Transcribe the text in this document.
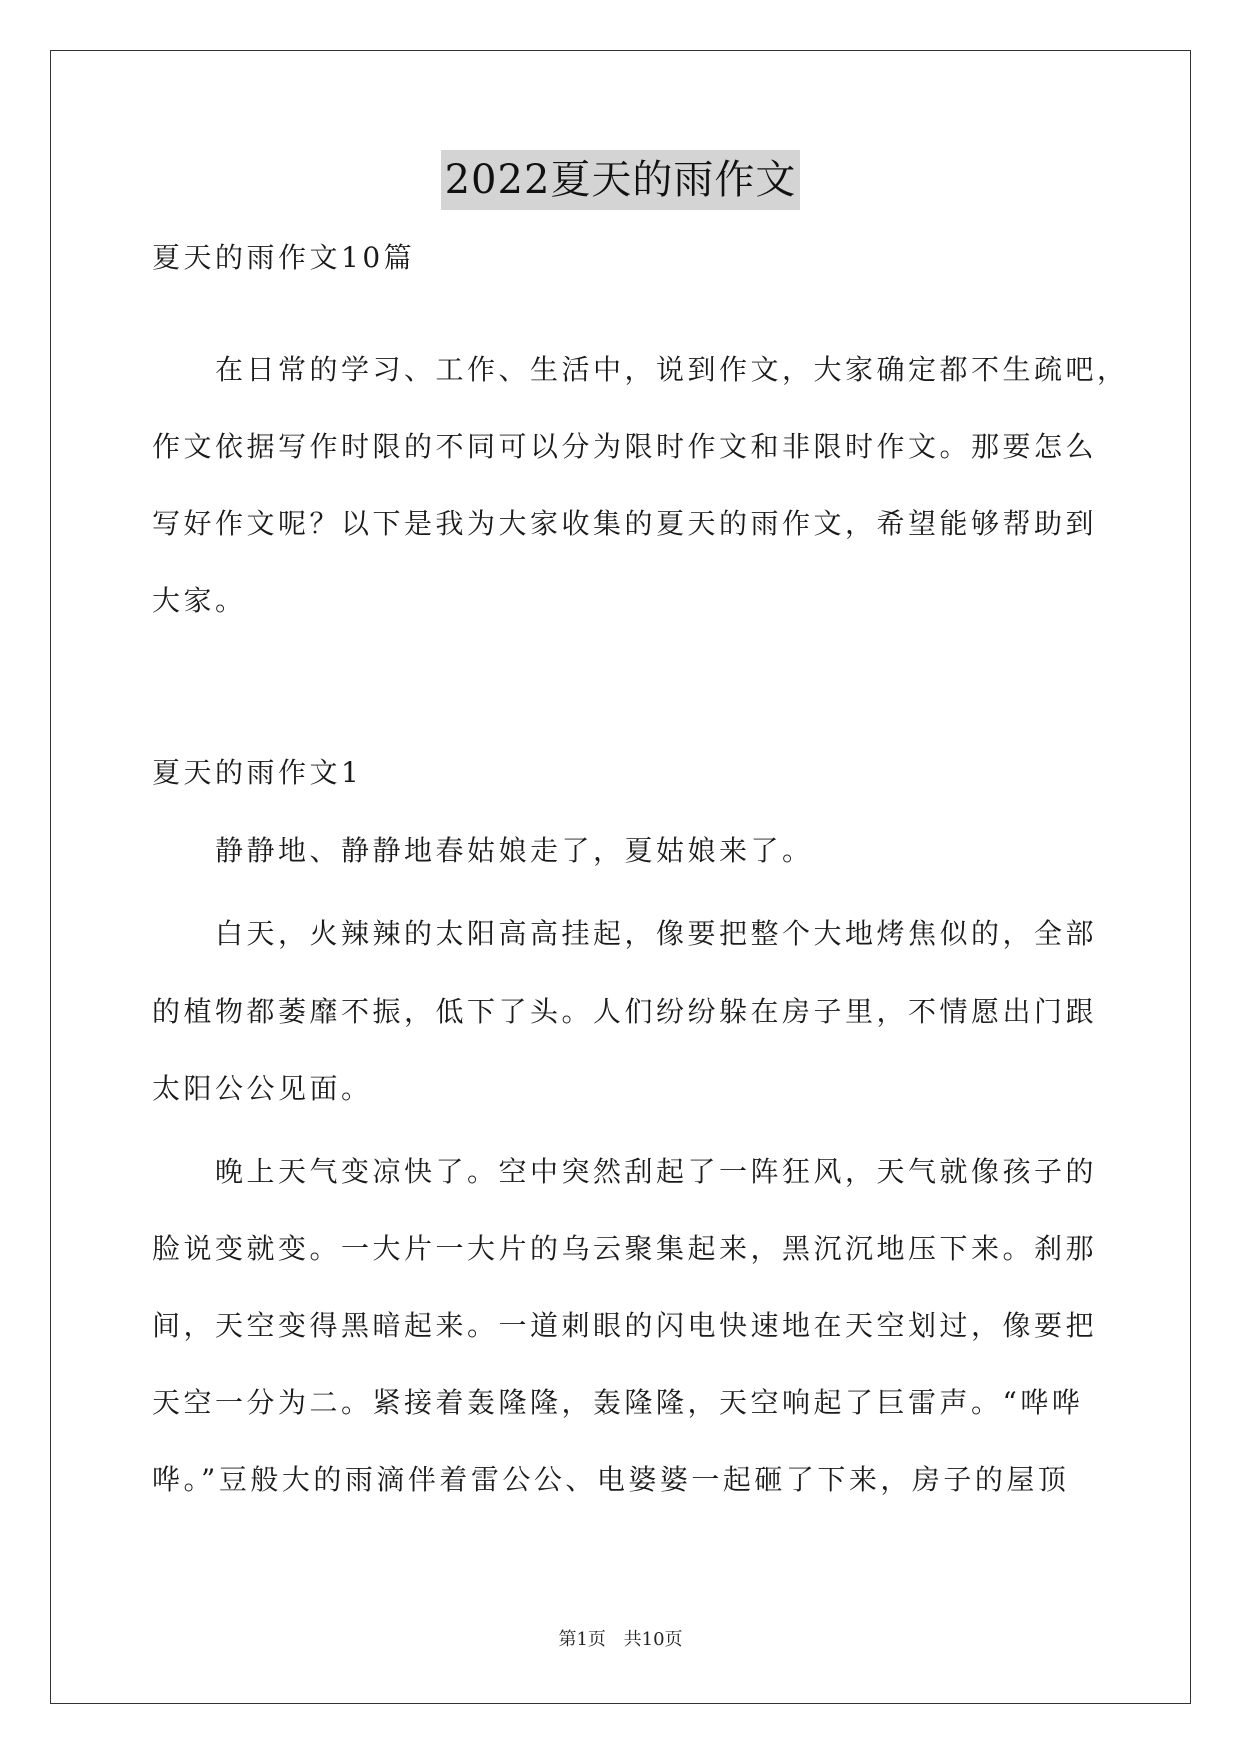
2022夏天的雨作文
夏天的雨作文10篇
在日常的学习、工作、生活中，说到作文，大家确定都不生疏吧，
作文依据写作时限的不同可以分为限时作文和非限时作文。那要怎么
写好作文呢？以下是我为大家收集的夏天的雨作文，希望能够帮助到
大家。
夏天的雨作文1
静静地、静静地春姑娘走了，夏姑娘来了。
白天，火辣辣的太阳高高挂起，像要把整个大地烤焦似的，全部
的植物都萎靡不振，低下了头。人们纷纷躲在房子里，不情愿出门跟
太阳公公见面。
晚上天气变凉快了。空中突然刮起了一阵狂风，天气就像孩子的
脸说变就变。一大片一大片的乌云聚集起来，黑沉沉地压下来。刹那
间，天空变得黑暗起来。一道刺眼的闪电快速地在天空划过，像要把
天空一分为二。紧接着轰隆隆，轰隆隆，天空响起了巨雷声。“哗哗
哗。”豆般大的雨滴伴着雷公公、电婆婆一起砸了下来，房子的屋顶
第1页 共10页
